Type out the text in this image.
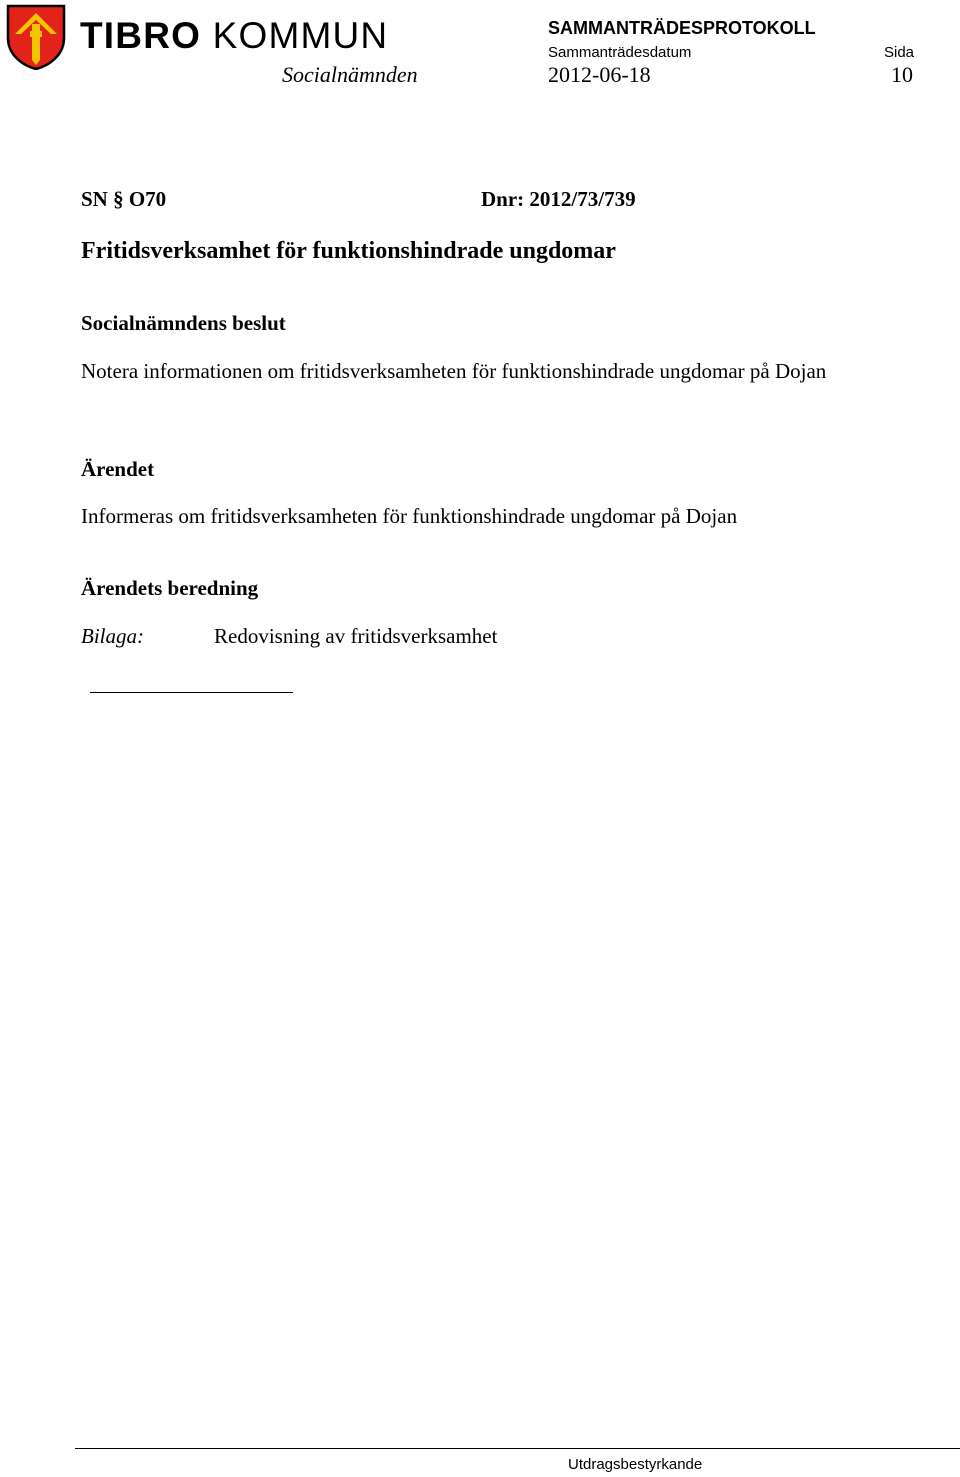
TIBRO KOMMUN
Socialnämnden
SAMMANTRÄDESPROTOKOLL
Sammanträdesdatum
2012-06-18
Sida
10
SN § O70	Dnr: 2012/73/739
Fritidsverksamhet för funktionshindrade ungdomar
Socialnämndens beslut
Notera informationen om fritidsverksamheten för funktionshindrade ungdomar på Dojan
Ärendet
Informeras om fritidsverksamheten för funktionshindrade ungdomar på Dojan
Ärendets beredning
Bilaga:	Redovisning av fritidsverksamhet
Utdragsbestyrkande
